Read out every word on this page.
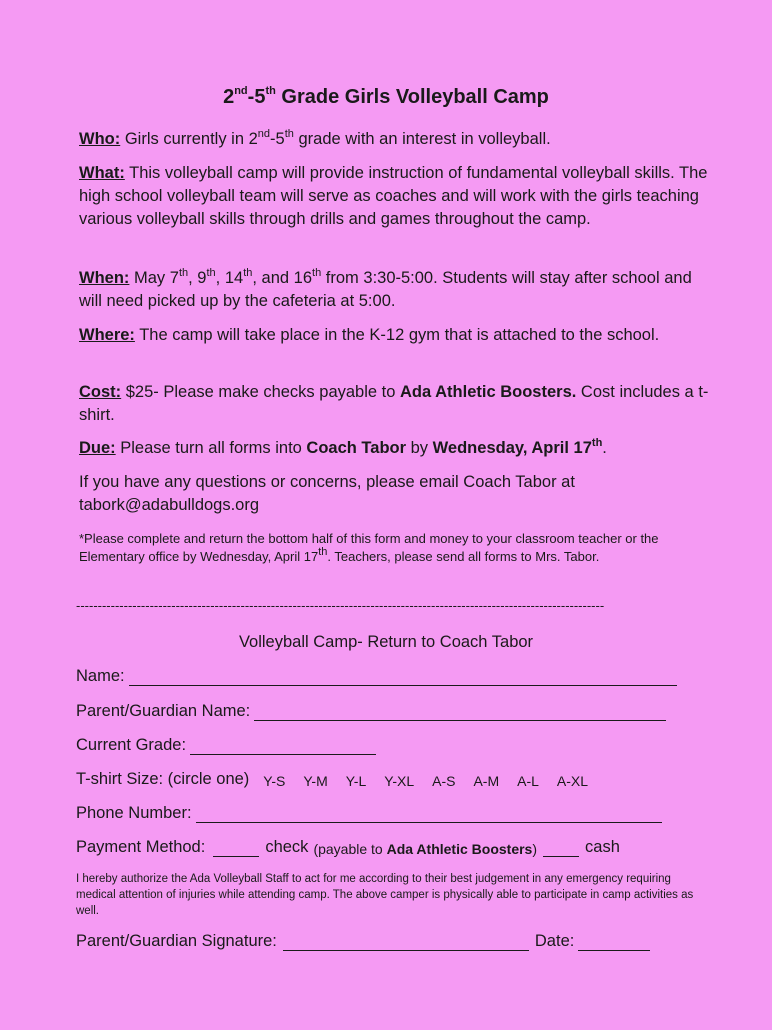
2nd-5th Grade Girls Volleyball Camp
Who: Girls currently in 2nd-5th grade with an interest in volleyball.
What: This volleyball camp will provide instruction of fundamental volleyball skills. The high school volleyball team will serve as coaches and will work with the girls teaching various volleyball skills through drills and games throughout the camp.
When: May 7th, 9th, 14th, and 16th from 3:30-5:00. Students will stay after school and will need picked up by the cafeteria at 5:00.
Where: The camp will take place in the K-12 gym that is attached to the school.
Cost: $25- Please make checks payable to Ada Athletic Boosters. Cost includes a t-shirt.
Due: Please turn all forms into Coach Tabor by Wednesday, April 17th.
If you have any questions or concerns, please email Coach Tabor at tabork@adabulldogs.org
*Please complete and return the bottom half of this form and money to your classroom teacher or the Elementary office by Wednesday, April 17th. Teachers, please send all forms to Mrs. Tabor.
--------------------------------------------------------------------------------------------------------------------------
Volleyball Camp- Return to Coach Tabor
Name:
Parent/Guardian Name:
Current Grade:
T-shirt Size: (circle one) Y-S Y-M Y-L Y-XL A-S A-M A-L A-XL
Phone Number:
Payment Method:	check (payable to Ada Athletic Boosters)	cash
I hereby authorize the Ada Volleyball Staff to act for me according to their best judgement in any emergency requiring medical attention of injuries while attending camp. The above camper is physically able to participate in camp activities as well.
Parent/Guardian Signature:	Date:
